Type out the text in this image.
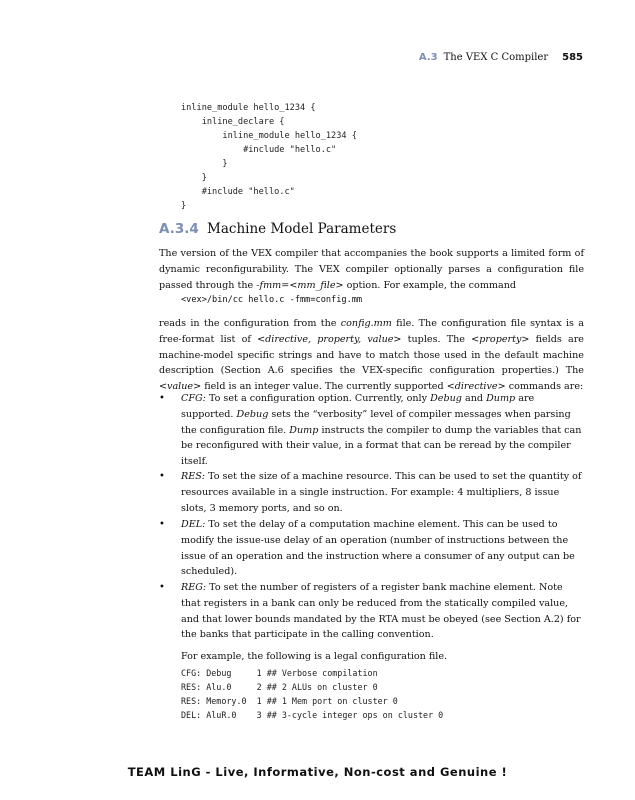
A.3 The VEX C Compiler 585
inline_module hello_1234 {
inline_declare {
inline_module hello_1234 {
#include "hello.c"
}
}
#include "hello.c"
}
A.3.4 Machine Model Parameters

The version of the VEX compiler that accompanies the book supports a limited form of dynamic reconfigurability. The VEX compiler optionally parses a configuration file passed through the -fmm=<mm_file> option. For example, the command

<vex>/bin/cc hello.c -fmm=config.mm

reads in the configuration from the config.mm file. The configuration file syntax is a free-format list of <directive, property, value> tuples. The <property> fields are machine-model specific strings and have to match those used in the default machine description (Section A.6 specifies the VEX-specific configuration properties.) The <value> field is an integer value. The currently supported <directive> commands are:

• CFG: To set a configuration option. Currently, only Debug and Dump are supported. Debug sets the “verbosity” level of compiler messages when parsing the configuration file. Dump instructs the compiler to dump the variables that can be reconfigured with their value, in a format that can be reread by the compiler itself.
• RES: To set the size of a machine resource. This can be used to set the quantity of resources available in a single instruction. For example: 4 multipliers, 8 issue slots, 3 memory ports, and so on.
• DEL: To set the delay of a computation machine element. This can be used to modify the issue-use delay of an operation (number of instructions between the issue of an operation and the instruction where a consumer of any output can be scheduled).
• REG: To set the number of registers of a register bank machine element. Note that registers in a bank can only be reduced from the statically compiled value, and that lower bounds mandated by the RTA must be obeyed (see Section A.2) for the banks that participate in the calling convention.
For example, the following is a legal configuration file.
CFG: Debug     1 ## Verbose compilation
RES: Alu.0     2 ## 2 ALUs on cluster 0
RES: Memory.0  1 ## 1 Mem port on cluster 0
DEL: AluR.0    3 ## 3-cycle integer ops on cluster 0
TEAM LinG - Live, Informative, Non-cost and Genuine !
